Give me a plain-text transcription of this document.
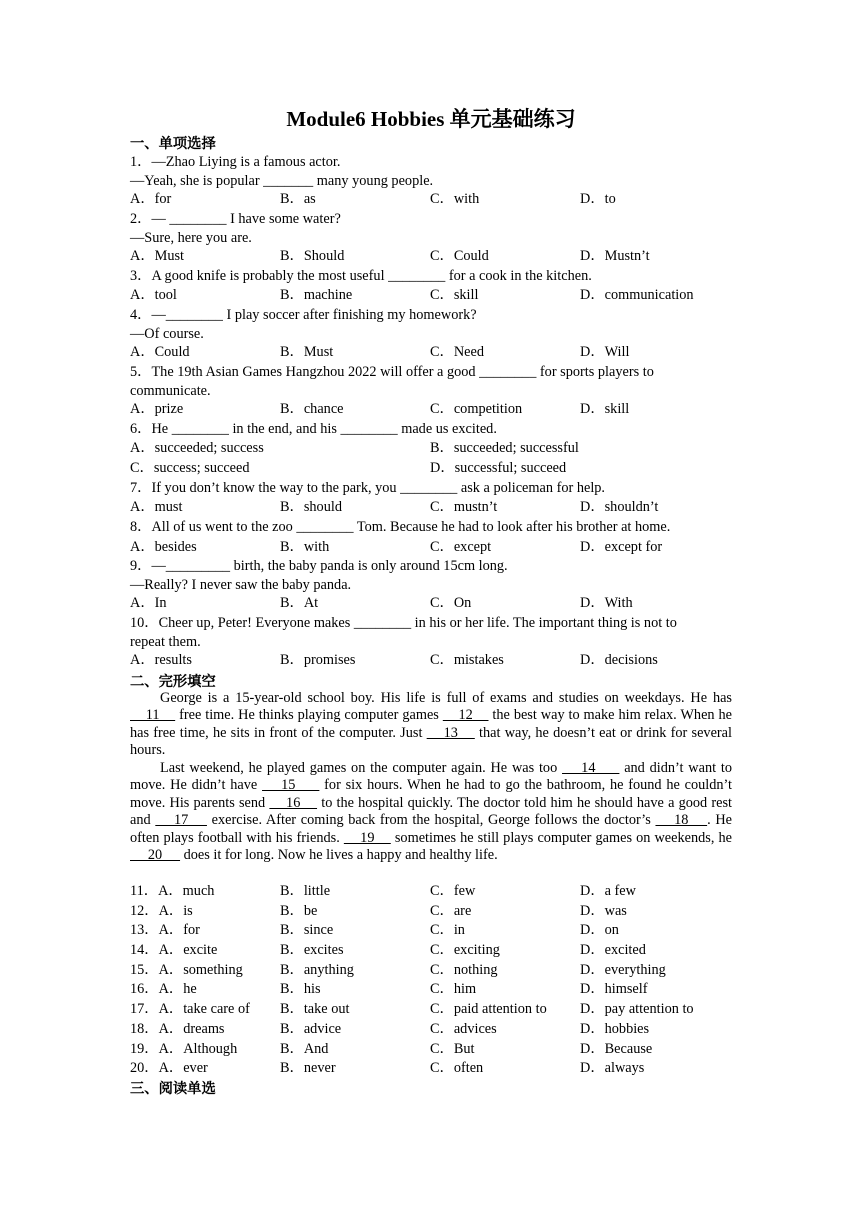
Module6 Hobbies 单元基础练习
一、单项选择
1．—Zhao Liying is a famous actor.
—Yeah, she is popular _______ many young people.
A．for	B．as	C．with	D．to
2．— ________ I have some water?
—Sure, here you are.
A．Must	B．Should	C．Could	D．Mustn’t
3．A good knife is probably the most useful ________ for a cook in the kitchen.
A．tool	B．machine	C．skill	D．communication
4．—________ I play soccer after finishing my homework?
—Of course.
A．Could	B．Must	C．Need	D．Will
5．The 19th Asian Games Hangzhou 2022 will offer a good ________ for sports players to
communicate.
A．prize	B．chance	C．competition	D．skill
6．He ________ in the end, and his ________ made us excited.
A．succeeded; success	B．succeeded; successful
C．success; succeed	D．successful; succeed
7．If you don’t know the way to the park, you ________ ask a policeman for help.
A．must	B．should	C．mustn’t	D．shouldn’t
8．All of us went to the zoo ________ Tom. Because he had to look after his brother at home.
A．besides	B．with	C．except	D．except for
9．—_________ birth, the baby panda is only around 15cm long.
—Really? I never saw the baby panda.
A．In	B．At	C．On	D．With
10．Cheer up, Peter! Everyone makes ________ in his or her life. The important thing is not to
repeat them.
A．results	B．promises	C．mistakes	D．decisions
二、完形填空
George is a 15-year-old school boy. His life is full of exams and studies on weekdays. He has     11     free time. He thinks playing computer games     12     the best way to make him relax. When he has free time, he sits in front of the computer. Just     13     that way, he doesn’t eat or drink for several hours.
Last weekend, he played games on the computer again. He was too     14      and didn’t want to move. He didn’t have     15      for six hours. When he had to go the bathroom, he found he couldn’t move. His parents send     16     to the hospital quickly. The doctor told him he should have a good rest and     17     exercise. After coming back from the hospital, George follows the doctor’s     18    . He often plays football with his friends.     19     sometimes he still plays computer games on weekends, he      20      does it for long. Now he lives a happy and healthy life.
11．A．much	B．little	C．few	D．a few
12．A．is	B．be	C．are	D．was
13．A．for	B．since	C．in	D．on
14．A．excite	B．excites	C．exciting	D．excited
15．A．something	B．anything	C．nothing	D．everything
16．A．he	B．his	C．him	D．himself
17．A．take care of B．take out	C．paid attention to D．pay attention to
18．A．dreams	B．advice	C．advices	D．hobbies
19．A．Although	B．And	C．But	D．Because
20．A．ever	B．never	C．often	D．always
三、阅读单选
